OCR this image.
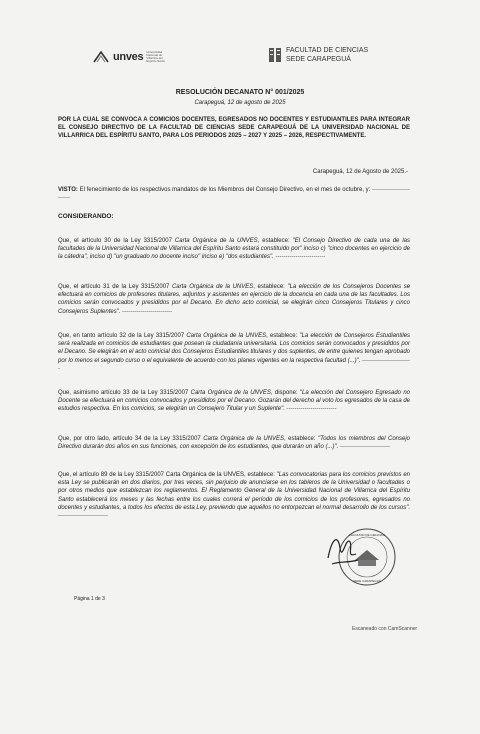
unves Universidad Nacional de Villarrica del Espíritu Santo
FACULTAD DE CIENCIAS
SEDE CARAPEGUÁ
RESOLUCIÓN DECANATO N° 001/2025
Carapeguá, 12 de agosto de 2025
POR LA CUAL SE CONVOCA A COMICIOS DOCENTES, EGRESADOS NO DOCENTES Y ESTUDIANTILES PARA INTEGRAR EL CONSEJO DIRECTIVO DE LA FACULTAD DE CIENCIAS SEDE CARAPEGUÁ DE LA UNIVERSIDAD NACIONAL DE VILLARRICA DEL ESPÍRITU SANTO, PARA LOS PERIODOS 2025 – 2027 Y 2025 – 2026, RESPECTIVAMENTE.
Carapeguá, 12 de Agosto de 2025.-
VISTO: El fenecimiento de los respectivos mandatos de los Miembros del Consejo Directivo, en el mes de octubre, y: -------------------------
CONSIDERANDO:
Que, el artículo 30 de la Ley 3315/2007 Carta Orgánica de la UNVES, establece: "El Consejo Directivo de cada una de las facultades de la Universidad Nacional de Villarrica del Espíritu Santo estará constituido por" inciso c) "cinco docentes en ejercicio de la cátedra", inciso d) "un graduado no docente inciso" inciso e) "dos estudiantes". -------------------------
Que, el artículo 31 de la Ley 3315/2007 Carta Orgánica de la UNVES, establece: "La elección de los Consejeros Docentes se efectuará en comicios de profesores titulares, adjuntos y asistentes en ejercicio de la docencia en cada una de las facultades. Los comicios serán convocados y presididos por el Decano. En dicho acto comicial, se elegirán cinco Consejeros Titulares y cinco Consejeros Suplentes". -------------------------
Que, en tanto artículo 32 de la Ley 3315/2007 Carta Orgánica de la UNVES, establece: "La elección de Consejeros Estudiantiles será realizada en comicios de estudiantes que posean la ciudadanía universitaria. Los comicios serán convocados y presididos por el Decano. Se elegirán en el acto comicial dos Consejeros Estudiantiles titulares y dos suplentes, de entre quienes tengan aprobado por lo menos el segundo curso o el equivalente de acuerdo con los planes vigentes en la respectiva facultad (...)". -------------------------
Que, asimismo artículo 33 de la Ley 3315/2007 Carta Orgánica de la UNVES, dispone: "La elección del Consejero Egresado no Docente se efectuará en comicios convocados y presididos por el Decano. Gozarán del derecho al voto los egresados de la casa de estudios respectiva. En los comicios, se elegirán un Consejero Titular y un Suplente". -------------------------
Que, por otro lado, artículo 34 de la Ley 3315/2007 Carta Orgánica de la UNVES, establece: "Todos los miembros del Consejo Directivo durarán dos años en sus funciones, con excepción de los estudiantes, que durarán un año (...)". -------------------------
Que, el artículo 89 de la Ley 3315/2007 Carta Orgánica de la UNVES, establece: "Las convocatorias para los comicios previstos en esta Ley se publicarán en dos diarios, por tres veces, sin perjuicio de anunciarse en los tableros de la Universidad o facultades o por otros medios que establezcan los reglamentos. El Reglamento General de la Universidad Nacional de Villarrica del Espíritu Santo establecerá los meses y las fechas entre los cuales correrá el período de los comicios de los profesores, egresados no docentes y estudiantes, a todos los efectos de esta Ley, previendo que aquéllos no entorpezcan el normal desarrollo de los cursos". -------------------------
FACULTAD DE CIENCIAS
SEDE CARAPEGUÁ
Página 1 de 3
Escaneado con CamScanner
